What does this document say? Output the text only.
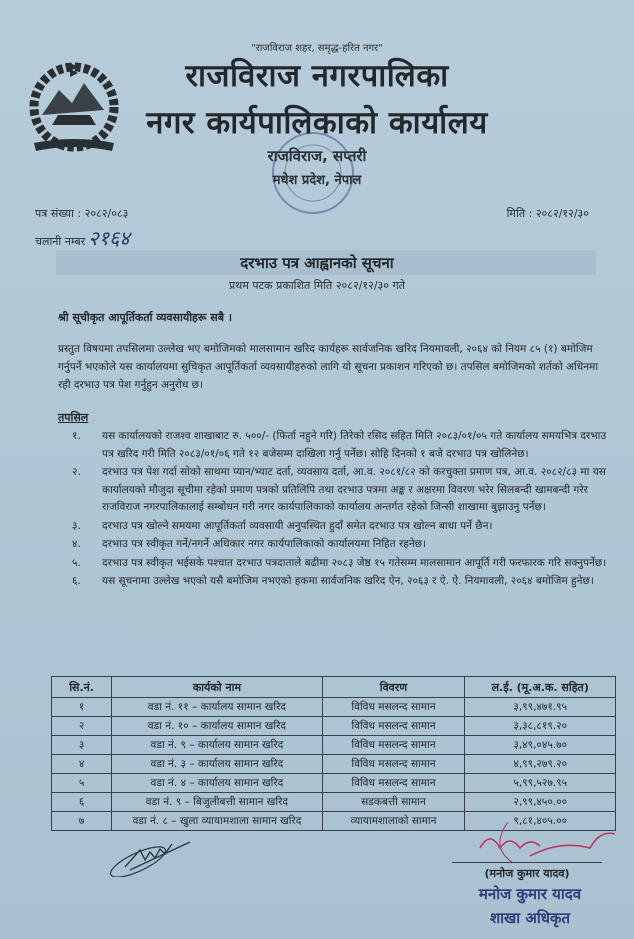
"राजविराज शहर, समृद्ध-हरित नगर"
राजविराज नगरपालिका
नगर कार्यपालिकाको कार्यालय
राजविराज, सप्तरी
मधेश प्रदेश, नेपाल
पत्र संख्या : २०८२/०८३
चलानी नम्बर २१६४
मिति : २०८२/१२/३०
दरभाउ पत्र आह्वानको सूचना
प्रथम पटक प्रकाशित मिति २०८२/१२/३० गते
श्री सूचीकृत आपूर्तिकर्ता व्यवसायीहरू सबै ।
प्रस्तुत विषयमा तपसिलमा उल्लेख भए बमोजिमको मालसामान खरिद कार्यहरू सार्वजनिक खरिद नियमावली, २०६४ को नियम ८५ (१) बमोजिम गर्नुपर्ने भएकोले यस कार्यालयमा सुचिकृत आपूर्तिकर्ता व्यवसायीहरुको लागि यो सूचना प्रकाशन गरिएको छ। तपसिल बमोजिमको शर्तको अधिनमा रही दरभाउ पत्र पेश गर्नुहुन अनुरोध छ।
तपसिल
१. यस कार्यालयको राजश्व शाखाबाट रु. ५००/- (फिर्ता नहुने गरि) तिरेको रसिद सहित मिति २०८३/०१/०५ गते कार्यालय समयभित्र दरभाउ पत्र खरिद गरी मिति २०८३/०१/०६ गते १२ बजेसम्म दाखिला गर्नु पर्नेछ। सोहि दिनको १ बजे दरभाउ पत्र खोलिनेछ।
२. दरभाउ पत्र पेश गर्दा सोको साथमा प्यान/भ्याट दर्ता, व्यवसाय दर्ता, आ.व. २०८१/८२ को करचुक्ता प्रमाण पत्र, आ.व. २०८२/८३ मा यस कार्यालयको मौजुदा सूचीमा रहेको प्रमाण पत्रको प्रतिलिपि तथा दरभाउ पत्रमा अङ्क र अक्षरमा विवरण भरेर सिलबन्दी खामबन्दी गरेर राजविराज नगरपालिकालाई सम्बोधन गरी नगर कार्यपालिकाको कार्यालय अन्तर्गत रहेको जिन्सी शाखामा बुझाउनु पर्नेछ।
३. दरभाउ पत्र खोल्ने समयमा आपूर्तिकर्ता व्यवसायी अनुपस्थित हुदाँ समेत दरभाउ पत्र खोल्न बाधा पर्ने छैन।
४. दरभाउ पत्र स्वीकृत गर्ने/नगर्ने अधिकार नगर कार्यपालिकाको कार्यालयमा निहित रहनेछ।
५. दरभाउ पत्र स्वीकृत भईसके पश्चात दरभाउ पत्रदाताले बढीमा २०८३ जेष्ठ १५ गतेसम्म मालसामान आपूर्ति गरी फरफारक गरि सक्नुपर्नेछ।
६. यस सूचनामा उल्लेख भएको यसै बमोजिम नभएको हकमा सार्वजनिक खरिद ऐन, २०६३ र ऐ. ऐ. नियमावली, २०६४ बमोजिम हुनेछ।
सि.नं.	कार्यको नाम	विवरण	ल.ई. (मू.अ.क. सहित)
१	वडा नं. ११ – कार्यालय सामान खरिद	विविध मसलन्द सामान	३,९९,४७१.९५
२	वडा नं. १० – कार्यालय सामान खरिद	विविध मसलन्द सामान	३,३८,८१९.२०
३	वडा नं. ९ – कार्यालय सामान खरिद	विविध मसलन्द सामान	३,४९,०४५.७०
४	वडा नं. ३ – कार्यालय सामान खरिद	विविध मसलन्द सामान	४,९९,२७९.२०
५	वडा नं. ४ – कार्यालय सामान खरिद	विविध मसलन्द सामान	५,९९,५२७.९५
६	वडा नं. ९ – बिजुलीबत्ती सामान खरिद	सडकबत्ती सामान	२,९९,४५०.००
७	वडा नं. ८ – खुला व्यायामशाला सामान खरिद	व्यायामशालाको सामान	९,८१,४०५.००
(मनोज कुमार यादव)
मनोज कुमार यादव
शाखा अधिकृत
